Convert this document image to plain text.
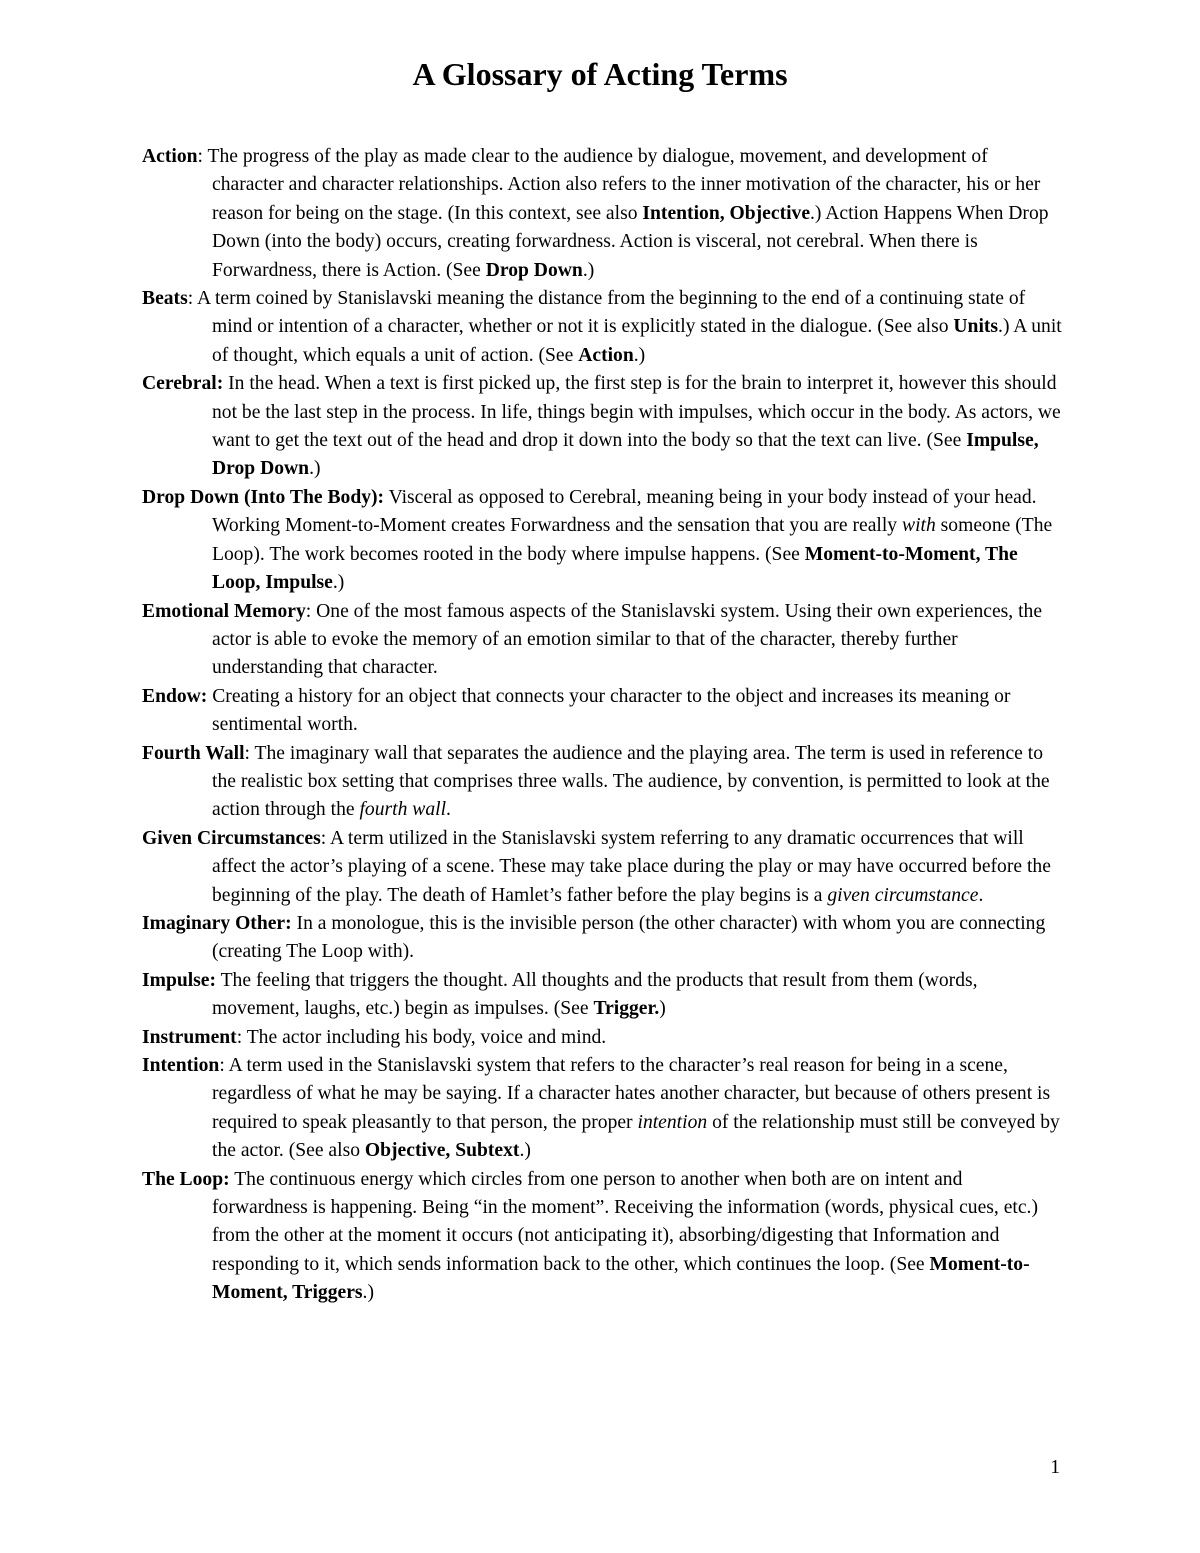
A Glossary of Acting Terms

Action: The progress of the play as made clear to the audience by dialogue, movement, and development of character and character relationships. Action also refers to the inner motivation of the character, his or her reason for being on the stage. (In this context, see also Intention, Objective.) Action Happens When Drop Down (into the body) occurs, creating forwardness. Action is visceral, not cerebral. When there is Forwardness, there is Action. (See Drop Down.)

Beats: A term coined by Stanislavski meaning the distance from the beginning to the end of a continuing state of mind or intention of a character, whether or not it is explicitly stated in the dialogue. (See also Units.) A unit of thought, which equals a unit of action. (See Action.)

Cerebral: In the head. When a text is first picked up, the first step is for the brain to interpret it, however this should not be the last step in the process. In life, things begin with impulses, which occur in the body. As actors, we want to get the text out of the head and drop it down into the body so that the text can live. (See Impulse, Drop Down.)

Drop Down (Into The Body): Visceral as opposed to Cerebral, meaning being in your body instead of your head. Working Moment-to-Moment creates Forwardness and the sensation that you are really with someone (The Loop). The work becomes rooted in the body where impulse happens. (See Moment-to-Moment, The Loop, Impulse.)

Emotional Memory: One of the most famous aspects of the Stanislavski system. Using their own experiences, the actor is able to evoke the memory of an emotion similar to that of the character, thereby further understanding that character.

Endow: Creating a history for an object that connects your character to the object and increases its meaning or sentimental worth.

Fourth Wall: The imaginary wall that separates the audience and the playing area. The term is used in reference to the realistic box setting that comprises three walls. The audience, by convention, is permitted to look at the action through the fourth wall.

Given Circumstances: A term utilized in the Stanislavski system referring to any dramatic occurrences that will affect the actor’s playing of a scene. These may take place during the play or may have occurred before the beginning of the play. The death of Hamlet’s father before the play begins is a given circumstance.

Imaginary Other: In a monologue, this is the invisible person (the other character) with whom you are connecting (creating The Loop with).

Impulse: The feeling that triggers the thought. All thoughts and the products that result from them (words, movement, laughs, etc.) begin as impulses. (See Trigger.)

Instrument: The actor including his body, voice and mind.

Intention: A term used in the Stanislavski system that refers to the character’s real reason for being in a scene, regardless of what he may be saying. If a character hates another character, but because of others present is required to speak pleasantly to that person, the proper intention of the relationship must still be conveyed by the actor. (See also Objective, Subtext.)

The Loop: The continuous energy which circles from one person to another when both are on intent and forwardness is happening. Being “in the moment”. Receiving the information (words, physical cues, etc.) from the other at the moment it occurs (not anticipating it), absorbing/digesting that Information and responding to it, which sends information back to the other, which continues the loop. (See Moment-to-Moment, Triggers.)

1
